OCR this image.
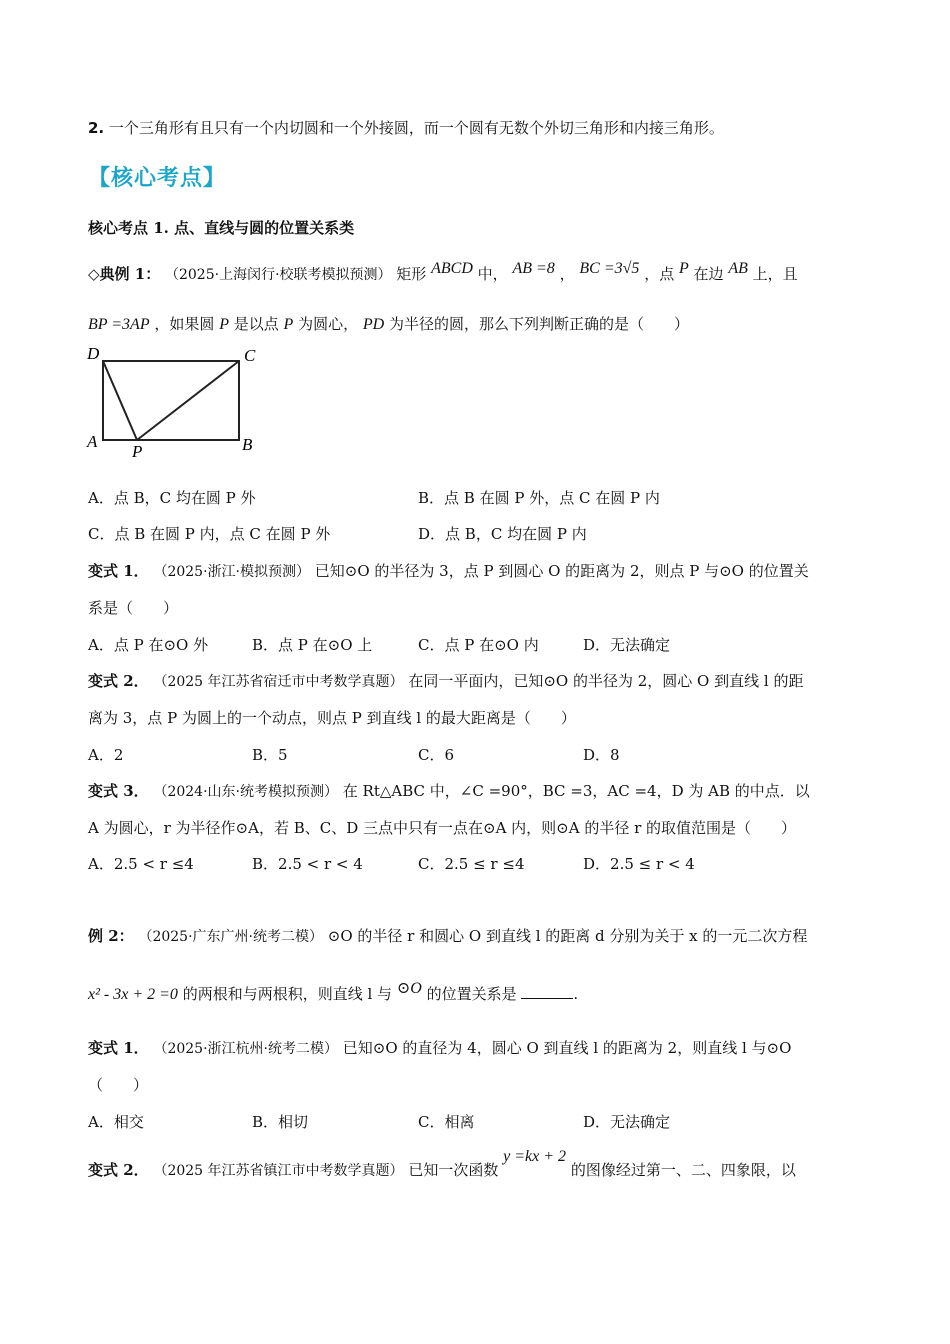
2. 一个三角形有且只有一个内切圆和一个外接圆，而一个圆有无数个外切三角形和内接三角形。
【核心考点】
核心考点 1. 点、直线与圆的位置关系类
◇典例 1： （2025·上海闵行·校联考模拟预测） 矩形 ABCD 中， AB =8 ， BC =3√5 ，点 P 在边 AB 上，且
BP =3AP ，如果圆 P 是以点 P 为圆心， PD 为半径的圆，那么下列判断正确的是（　　）
D	C
A
P	B
A．点 B，C 均在圆 P 外	B．点 B 在圆 P 外，点 C 在圆 P 内
C．点 B 在圆 P 内，点 C 在圆 P 外	D．点 B，C 均在圆 P 内
变式 1． （2025·浙江·模拟预测） 已知⊙O 的半径为 3，点 P 到圆心 O 的距离为 2，则点 P 与⊙O 的位置关
系是（　　）
A．点 P 在⊙O 外	B．点 P 在⊙O 上	C．点 P 在⊙O 内	D．无法确定
变式 2． （2025 年江苏省宿迁市中考数学真题） 在同一平面内，已知⊙O 的半径为 2，圆心 O 到直线 l 的距
离为 3，点 P 为圆上的一个动点，则点 P 到直线 l 的最大距离是（　　）
A．2	B．5	C．6	D．8
变式 3． （2024·山东·统考模拟预测） 在 Rt△ABC 中，∠C =90°，BC =3，AC =4，D 为 AB 的中点．以
A 为圆心，r 为半径作⊙A，若 B、C、D 三点中只有一点在⊙A 内，则⊙A 的半径 r 的取值范围是（　　）
A．2.5 < r ≤4	B．2.5 < r < 4	C．2.5 ≤ r ≤4	D．2.5 ≤ r < 4
例 2： （2025·广东广州·统考二模） ⊙O 的半径 r 和圆心 O 到直线 l 的距离 d 分别为关于 x 的一元二次方程
x² - 3x + 2 =0 的两根和与两根积，则直线 l 与 ⊙O 的位置关系是	.
变式 1． （2025·浙江杭州·统考二模） 已知⊙O 的直径为 4，圆心 O 到直线 l 的距离为 2，则直线 l 与⊙O
（　　）
A．相交	B．相切	C．相离	D．无法确定
变式 2． （2025 年江苏省镇江市中考数学真题） 已知一次函数 y =kx + 2 的图像经过第一、二、四象限，以
